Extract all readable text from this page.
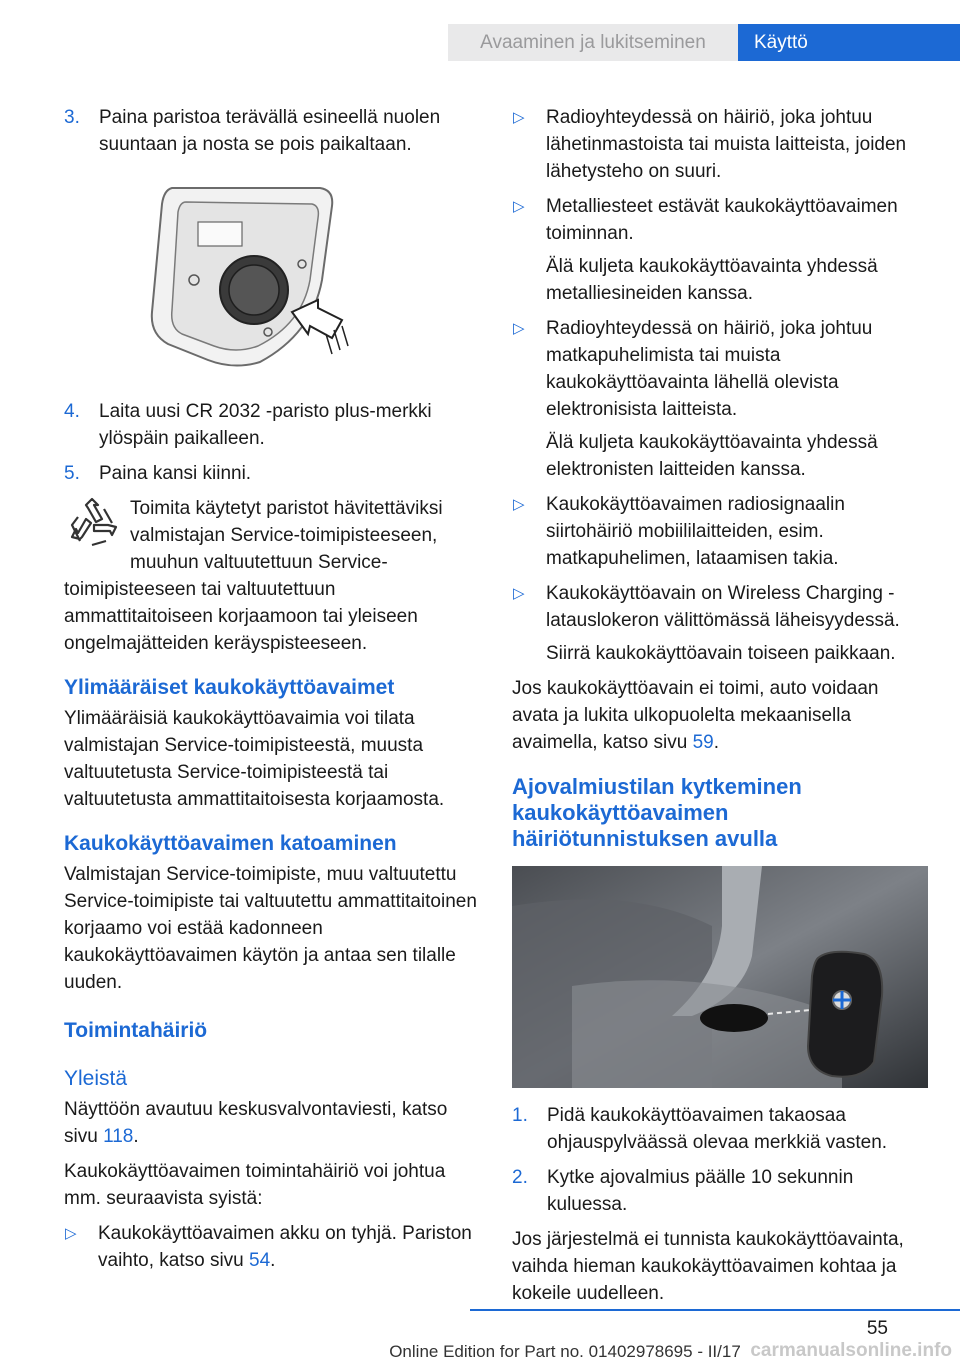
Avaaminen ja lukitseminen	Käyttö
3. Paina paristoa terävällä esineellä nuolen suuntaan ja nosta se pois paikaltaan.

4. Laita uusi CR 2032 -paristo plus-merkki ylöspäin paikalleen.

5. Paina kansi kiinni.

Toimita käytetyt paristot hävitettäviksi valmistajan Service-toimipisteeseen, muuhun valtuutettuun Service-toimipisteeseen tai valtuutettuun ammattitaitoiseen korjaamoon tai yleiseen ongelmajätteiden keräyspisteeseen.

Ylimääräiset kaukokäyttöavaimet

Ylimääräisiä kaukokäyttöavaimia voi tilata valmistajan Service-toimipisteestä, muusta valtuutetusta Service-toimipisteestä tai valtuutetusta ammattitaitoisesta korjaamosta.

Kaukokäyttöavaimen katoaminen

Valmistajan Service-toimipiste, muu valtuutettu Service-toimipiste tai valtuutettu ammattitaitoinen korjaamo voi estää kadonneen kaukokäyttöavaimen käytön ja antaa sen tilalle uuden.

Toimintahäiriö
Yleistä

Näyttöön avautuu keskusvalvontaviesti, katso sivu 118.

Kaukokäyttöavaimen toimintahäiriö voi johtua mm. seuraavista syistä:

▷ Kaukokäyttöavaimen akku on tyhjä. Pariston vaihto, katso sivu 54.

▷ Radioyhteydessä on häiriö, joka johtuu lähetinmastoista tai muista laitteista, joiden lähetysteho on suuri.

▷ Metalliesteet estävät kaukokäyttöavaimen toiminnan.

Älä kuljeta kaukokäyttöavainta yhdessä metalliesineiden kanssa.

▷ Radioyhteydessä on häiriö, joka johtuu matkapuhelimista tai muista kaukokäyttöavainta lähellä olevista elektronisista laitteista.

Älä kuljeta kaukokäyttöavainta yhdessä elektronisten laitteiden kanssa.

▷ Kaukokäyttöavaimen radiosignaalin siirtohäiriö mobiililaitteiden, esim. matkapuhelimen, lataamisen takia.

▷ Kaukokäyttöavain on Wireless Charging -latauslokeron välittömässä läheisyydessä.

Siirrä kaukokäyttöavain toiseen paikkaan.

Jos kaukokäyttöavain ei toimi, auto voidaan avata ja lukita ulkopuolelta mekaanisella avaimella, katso sivu 59.

Ajovalmiustilan kytkeminen kaukokäyttöavaimen häiriötunnistuksen avulla
1. Pidä kaukokäyttöavaimen takaosaa ohjauspylväässä olevaa merkkiä vasten.

2. Kytke ajovalmius päälle 10 sekunnin kuluessa.

Jos järjestelmä ei tunnista kaukokäyttöavainta, vaihda hieman kaukokäyttöavaimen kohtaa ja kokeile uudelleen.

55
Online Edition for Part no. 01402978695 - II/17 carmanualsonline.info
